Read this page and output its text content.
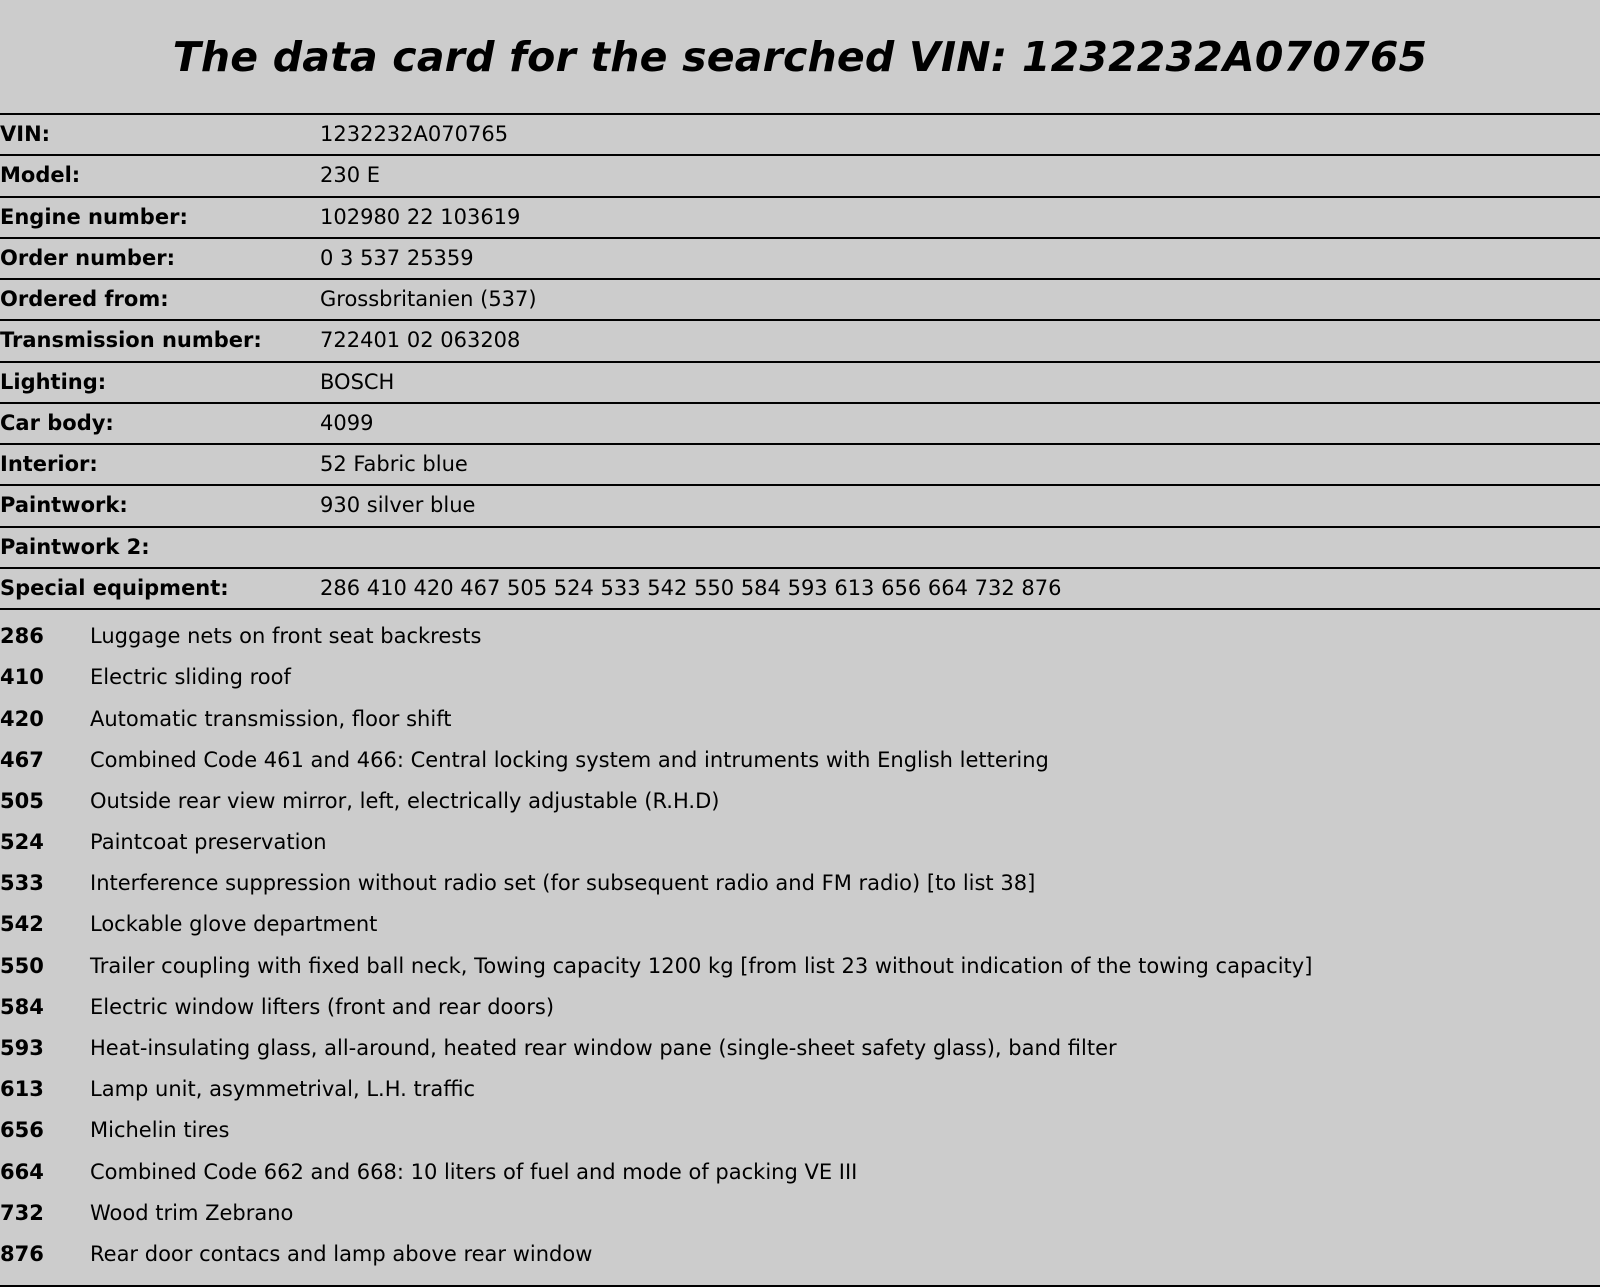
The data card for the searched VIN: 1232232A070765
VIN:	1232232A070765
Model:	230 E
Engine number:	102980 22 103619
Order number:	0 3 537 25359
Ordered from:	Grossbritanien (537)
Transmission number:	722401 02 063208
Lighting:	BOSCH
Car body:	4099
Interior:	52 Fabric blue
Paintwork:	930 silver blue
Paintwork 2:	
Special equipment:	286 410 420 467 505 524 533 542 550 584 593 613 656 664 732 876
286	Luggage nets on front seat backrests
410	Electric sliding roof
420	Automatic transmission, floor shift
467	Combined Code 461 and 466: Central locking system and intruments with English lettering
505	Outside rear view mirror, left, electrically adjustable (R.H.D)
524	Paintcoat preservation
533	Interference suppression without radio set (for subsequent radio and FM radio) [to list 38]
542	Lockable glove department
550	Trailer coupling with fixed ball neck, Towing capacity 1200 kg [from list 23 without indication of the towing capacity]
584	Electric window lifters (front and rear doors)
593	Heat-insulating glass, all-around, heated rear window pane (single-sheet safety glass), band filter
613	Lamp unit, asymmetrival, L.H. traffic
656	Michelin tires
664	Combined Code 662 and 668: 10 liters of fuel and mode of packing VE III
732	Wood trim Zebrano
876	Rear door contacs and lamp above rear window
